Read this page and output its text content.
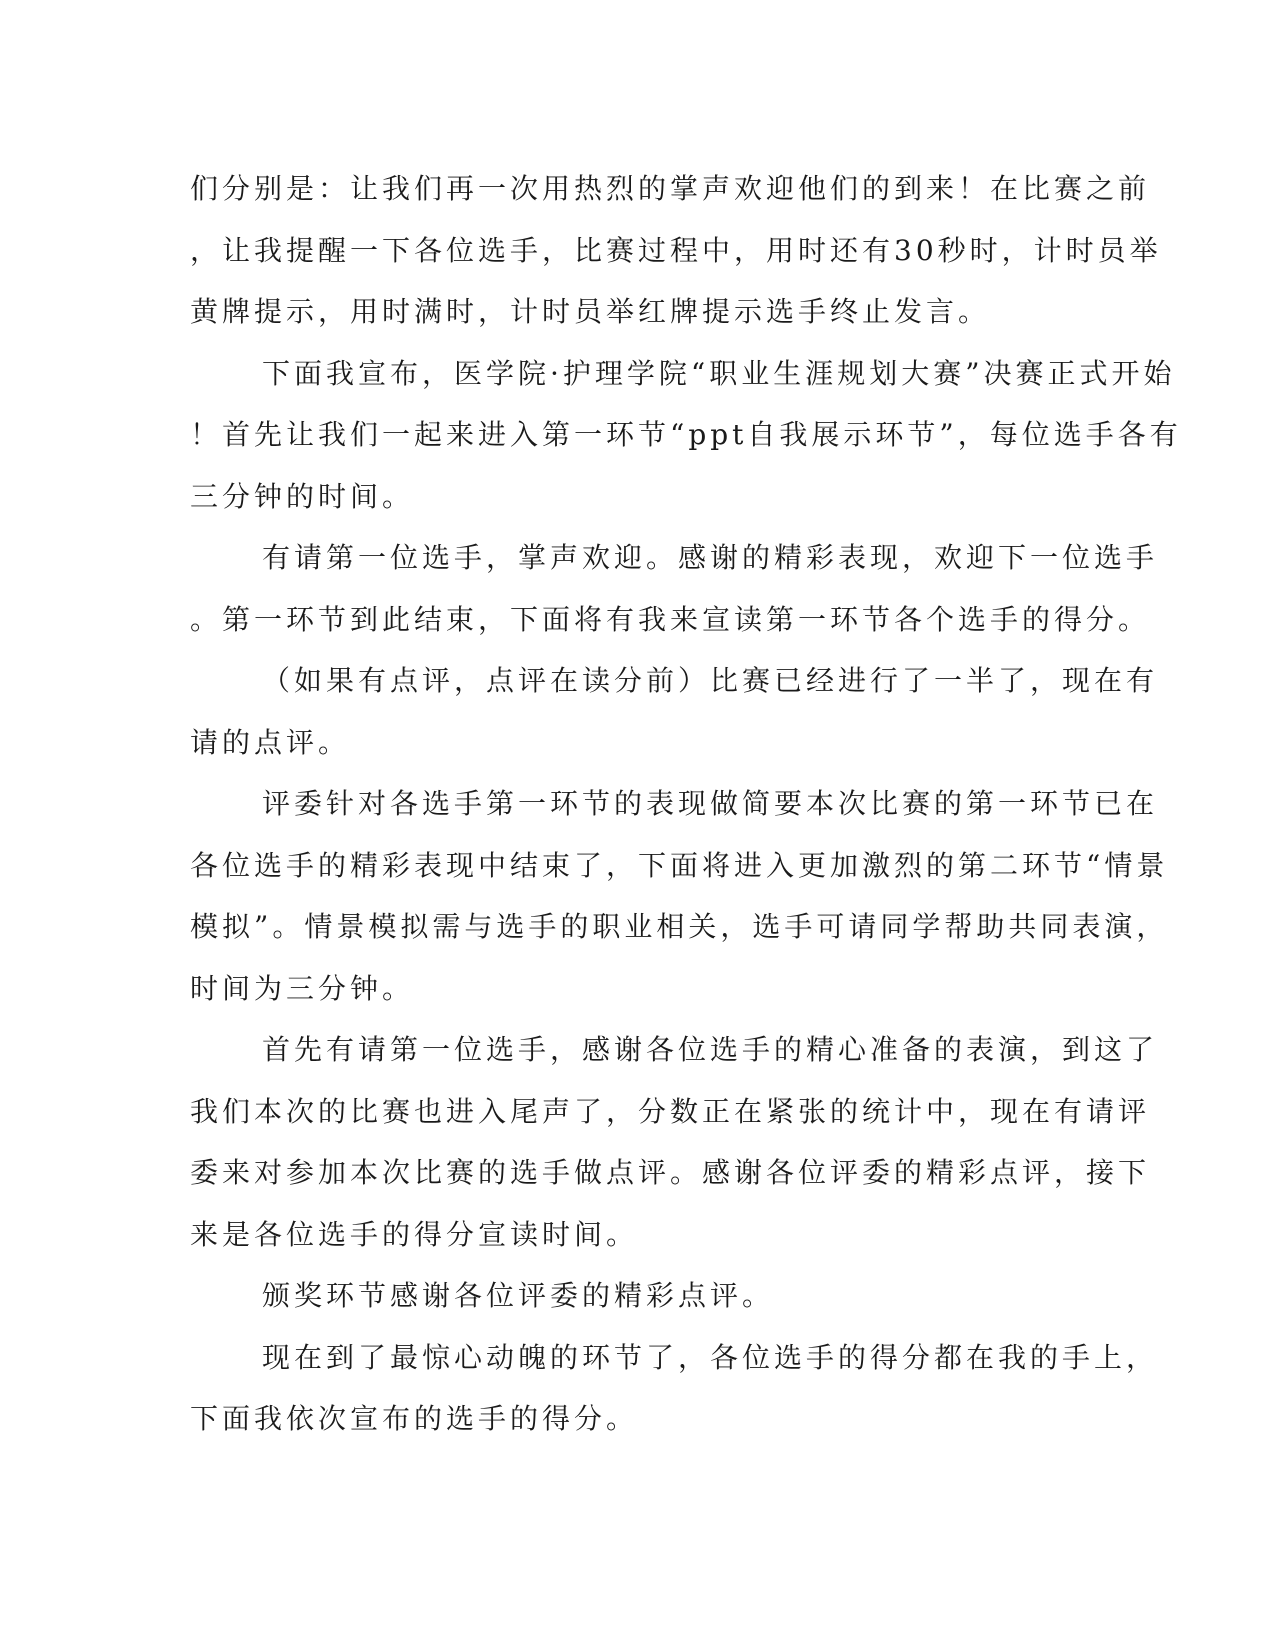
们分别是：让我们再一次用热烈的掌声欢迎他们的到来！在比赛之前
，让我提醒一下各位选手，比赛过程中，用时还有30秒时，计时员举
黄牌提示，用时满时，计时员举红牌提示选手终止发言。
下面我宣布，医学院·护理学院“职业生涯规划大赛”决赛正式开始
！首先让我们一起来进入第一环节“ppt自我展示环节”，每位选手各有
三分钟的时间。
有请第一位选手，掌声欢迎。感谢的精彩表现，欢迎下一位选手
。第一环节到此结束，下面将有我来宣读第一环节各个选手的得分。
（如果有点评，点评在读分前）比赛已经进行了一半了，现在有
请的点评。
评委针对各选手第一环节的表现做简要本次比赛的第一环节已在
各位选手的精彩表现中结束了，下面将进入更加激烈的第二环节“情景
模拟”。情景模拟需与选手的职业相关，选手可请同学帮助共同表演，
时间为三分钟。
首先有请第一位选手，感谢各位选手的精心准备的表演，到这了
我们本次的比赛也进入尾声了，分数正在紧张的统计中，现在有请评
委来对参加本次比赛的选手做点评。感谢各位评委的精彩点评，接下
来是各位选手的得分宣读时间。
颁奖环节感谢各位评委的精彩点评。
现在到了最惊心动魄的环节了，各位选手的得分都在我的手上，
下面我依次宣布的选手的得分。
